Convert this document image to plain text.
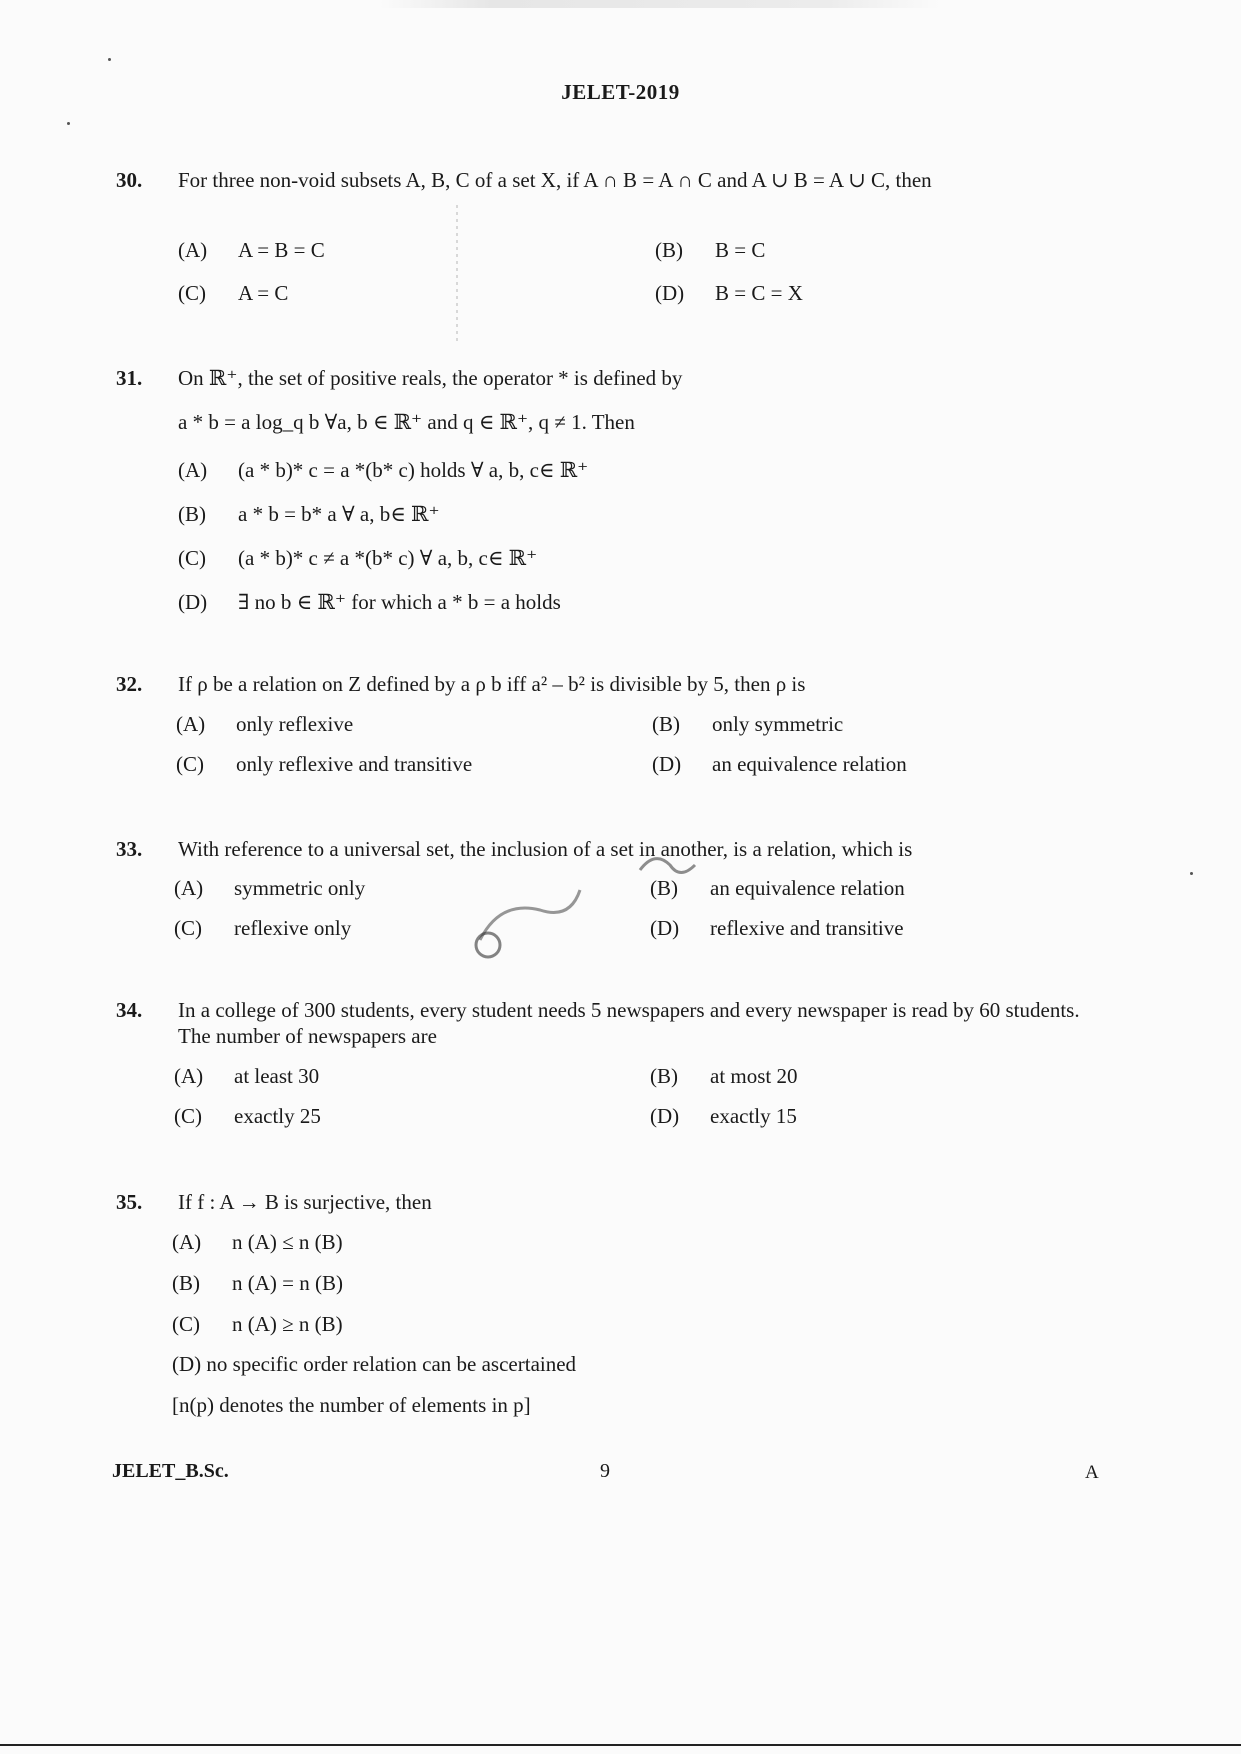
JELET-2019
30.	For three non-void subsets A, B, C of a set X, if A ∩ B = A ∩ C and A ∪ B = A ∪ C, then
(A) A = B = C	(B) B = C
(C) A = C	(D) B = C = X
31.	On ℝ⁺, the set of positive reals, the operator * is defined by
a * b = a log_q b ∀a, b ∈ ℝ⁺ and q ∈ ℝ⁺, q ≠ 1. Then
(A) (a * b)* c = a *(b* c) holds ∀ a, b, c∈ ℝ⁺
(B) a * b = b* a ∀ a, b∈ ℝ⁺
(C) (a * b)* c ≠ a *(b* c) ∀ a, b, c∈ ℝ⁺
(D) ∃ no b ∈ ℝ⁺ for which a * b = a holds
32.	If ρ be a relation on Z defined by a ρ b iff a² – b² is divisible by 5, then ρ is
(A) only reflexive	(B) only symmetric
(C) only reflexive and transitive	(D) an equivalence relation
33.	With reference to a universal set, the inclusion of a set in another, is a relation, which is
(A) symmetric only	(B) an equivalence relation
(C) reflexive only	(D) reflexive and transitive
34.	In a college of 300 students, every student needs 5 newspapers and every newspaper is read by 60 students. The number of newspapers are
(A) at least 30	(B) at most 20
(C) exactly 25	(D) exactly 15
35.	If f : A → B is surjective, then
(A) n (A) ≤ n (B)
(B) n (A) = n (B)
(C) n (A) ≥ n (B)
(D) no specific order relation can be ascertained
[n(p) denotes the number of elements in p]
JELET_B.Sc.	9	A
